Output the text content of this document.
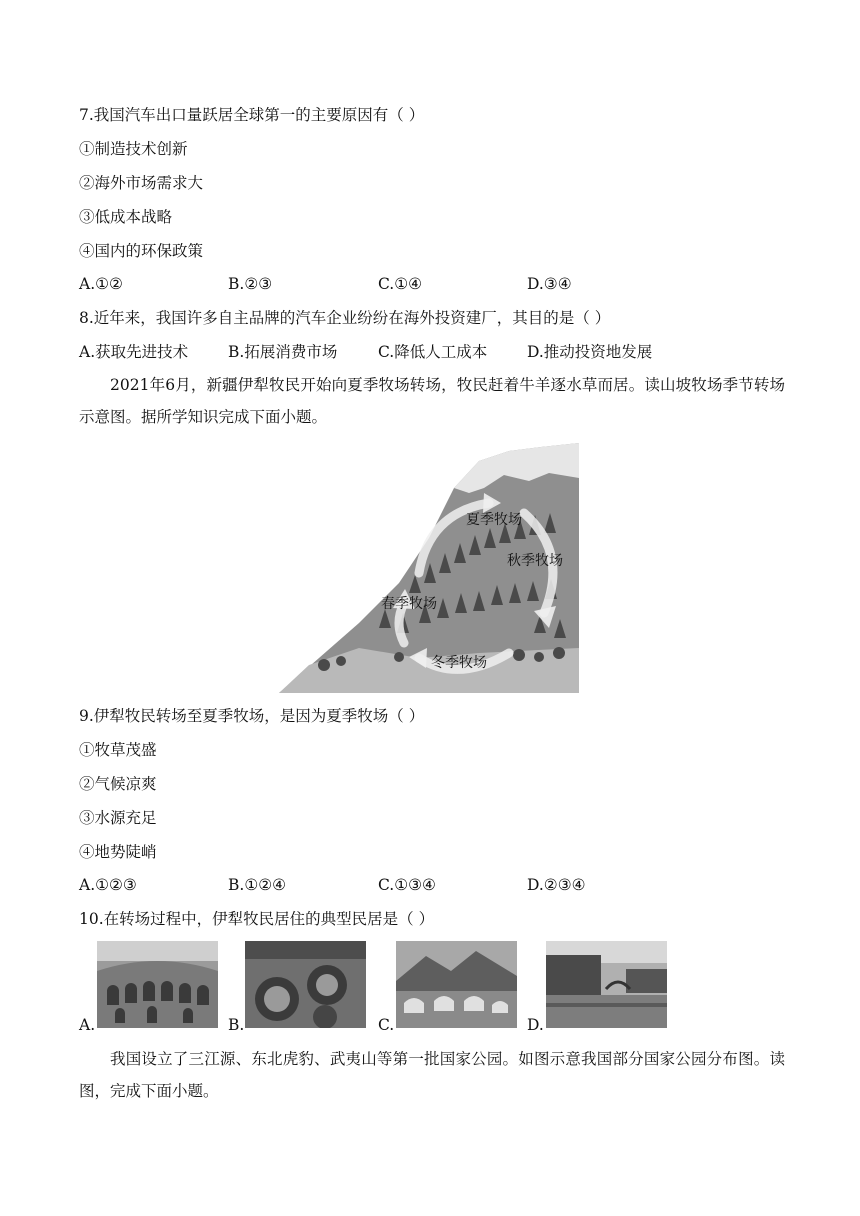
7.我国汽车出口量跃居全球第一的主要原因有（ ）
①制造技术创新
②海外市场需求大
③低成本战略
④国内的环保政策
A.①②	B.②③	C.①④	D.③④
8.近年来，我国许多自主品牌的汽车企业纷纷在海外投资建厂，其目的是（ ）
A.获取先进技术	B.拓展消费市场	C.降低人工成本	D.推动投资地发展
2021年6月，新疆伊犁牧民开始向夏季牧场转场，牧民赶着牛羊逐水草而居。读山坡牧场季节转场示意图。据所学知识完成下面小题。
夏季牧场
秋季牧场
春季牧场
冬季牧场
9.伊犁牧民转场至夏季牧场，是因为夏季牧场（ ）
①牧草茂盛
②气候凉爽
③水源充足
④地势陡峭
A.①②③	B.①②④	C.①③④	D.②③④
10.在转场过程中，伊犁牧民居住的典型民居是（ ）
A.	B.	C.	D.
我国设立了三江源、东北虎豹、武夷山等第一批国家公园。如图示意我国部分国家公园分布图。读图，完成下面小题。
